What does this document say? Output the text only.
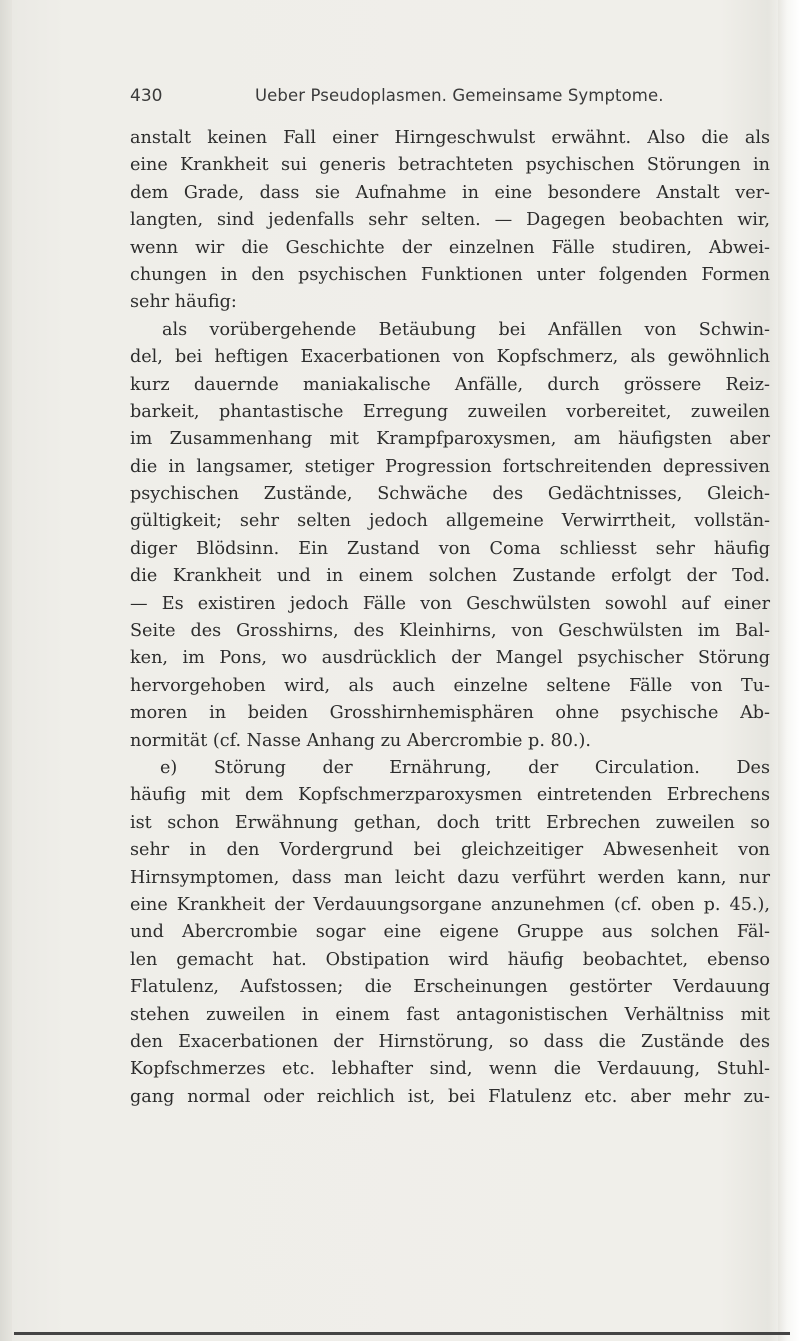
430	Ueber Pseudoplasmen. Gemeinsame Symptome.
anstalt keinen Fall einer Hirngeschwulst erwähnt. Also die als
eine Krankheit sui generis betrachteten psychischen Störungen in
dem Grade, dass sie Aufnahme in eine besondere Anstalt ver-
langten, sind jedenfalls sehr selten. — Dagegen beobachten wir,
wenn wir die Geschichte der einzelnen Fälle studiren, Abwei-
chungen in den psychischen Funktionen unter folgenden Formen
sehr häufig:
als vorübergehende Betäubung bei Anfällen von Schwin-
del, bei heftigen Exacerbationen von Kopfschmerz, als gewöhnlich
kurz dauernde maniakalische Anfälle, durch grössere Reiz-
barkeit, phantastische Erregung zuweilen vorbereitet, zuweilen
im Zusammenhang mit Krampfparoxysmen, am häufigsten aber
die in langsamer, stetiger Progression fortschreitenden depressiven
psychischen Zustände, Schwäche des Gedächtnisses, Gleich-
gültigkeit; sehr selten jedoch allgemeine Verwirrtheit, vollstän-
diger Blödsinn. Ein Zustand von Coma schliesst sehr häufig
die Krankheit und in einem solchen Zustande erfolgt der Tod.
— Es existiren jedoch Fälle von Geschwülsten sowohl auf einer
Seite des Grosshirns, des Kleinhirns, von Geschwülsten im Bal-
ken, im Pons, wo ausdrücklich der Mangel psychischer Störung
hervorgehoben wird, als auch einzelne seltene Fälle von Tu-
moren in beiden Grosshirnhemisphären ohne psychische Ab-
normität (cf. Nasse Anhang zu Abercrombie p. 80.).
e) Störung der Ernährung, der Circulation. Des
häufig mit dem Kopfschmerzparoxysmen eintretenden Erbrechens
ist schon Erwähnung gethan, doch tritt Erbrechen zuweilen so
sehr in den Vordergrund bei gleichzeitiger Abwesenheit von
Hirnsymptomen, dass man leicht dazu verführt werden kann, nur
eine Krankheit der Verdauungsorgane anzunehmen (cf. oben p. 45.),
und Abercrombie sogar eine eigene Gruppe aus solchen Fäl-
len gemacht hat. Obstipation wird häufig beobachtet, ebenso
Flatulenz, Aufstossen; die Erscheinungen gestörter Verdauung
stehen zuweilen in einem fast antagonistischen Verhältniss mit
den Exacerbationen der Hirnstörung, so dass die Zustände des
Kopfschmerzes etc. lebhafter sind, wenn die Verdauung, Stuhl-
gang normal oder reichlich ist, bei Flatulenz etc. aber mehr zu-
